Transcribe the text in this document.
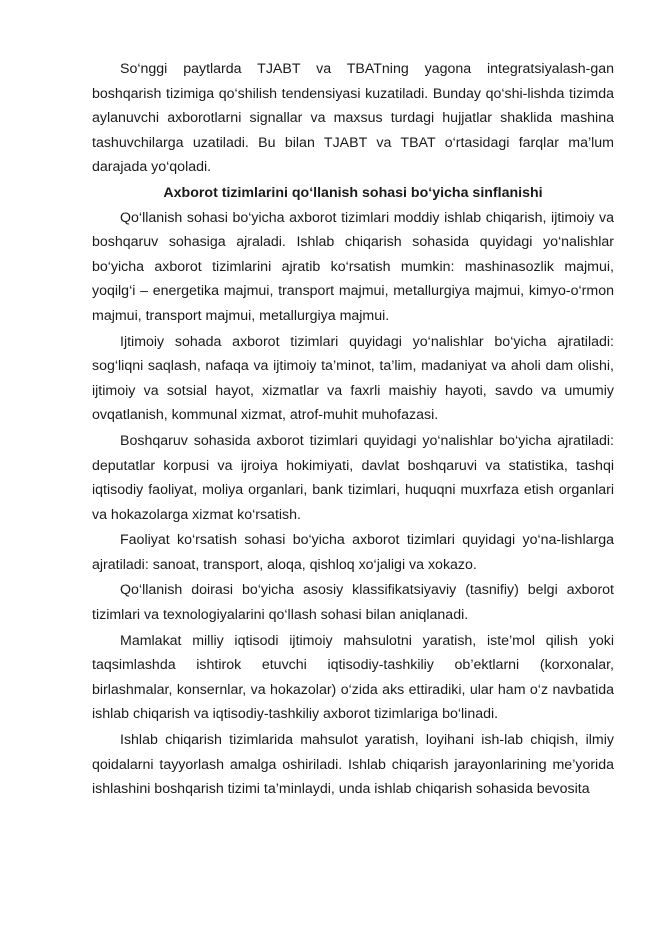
So‘nggi paytlarda TJABT va TBATning yagona integratsiyalash-gan boshqarish tizimiga qo‘shilish tendensiyasi kuzatiladi. Bunday qo‘shi-lishda tizimda aylanuvchi axborotlarni signallar va maxsus turdagi hujjatlar shaklida mashina tashuvchilarga uzatiladi. Bu bilan TJABT va TBAT o‘rtasidagi farqlar ma’lum darajada yo‘qoladi.

Axborot tizimlarini qo‘llanish sohasi bo‘yicha sinflanishi

Qo‘llanish sohasi bo‘yicha axborot tizimlari moddiy ishlab chiqarish, ijtimoiy va boshqaruv sohasiga ajraladi. Ishlab chiqarish sohasida quyidagi yo‘nalishlar bo‘yicha axborot tizimlarini ajratib ko‘rsatish mumkin: mashinasozlik majmui, yoqilg‘i – energetika majmui, transport majmui, metallurgiya majmui, kimyo-o‘rmon majmui, transport majmui, metallurgiya majmui.

Ijtimoiy sohada axborot tizimlari quyidagi yo‘nalishlar bo‘yicha ajratiladi: sog‘liqni saqlash, nafaqa va ijtimoiy ta’minot, ta’lim, madaniyat va aholi dam olishi, ijtimoiy va sotsial hayot, xizmatlar va faxrli maishiy hayoti, savdo va umumiy ovqatlanish, kommunal xizmat, atrof-muhit muhofazasi.

Boshqaruv sohasida axborot tizimlari quyidagi yo‘nalishlar bo‘yicha ajratiladi: deputatlar korpusi va ijroiya hokimiyati, davlat boshqaruvi va statistika, tashqi iqtisodiy faoliyat, moliya organlari, bank tizimlari, huquqni muxrfaza etish organlari va hokazolarga xizmat ko‘rsatish.

Faoliyat ko‘rsatish sohasi bo‘yicha axborot tizimlari quyidagi yo‘na-lishlarga ajratiladi: sanoat, transport, aloqa, qishloq xo‘jaligi va xokazo.

Qo‘llanish doirasi bo‘yicha asosiy klassifikatsiyaviy (tasnifiy) belgi axborot tizimlari va texnologiyalarini qo‘llash sohasi bilan aniqlanadi.

Mamlakat milliy iqtisodi ijtimoiy mahsulotni yaratish, iste’mol qilish yoki taqsimlashda ishtirok etuvchi iqtisodiy-tashkiliy ob’ektlarni (korxonalar, birlashmalar, konsernlar, va hokazolar) o‘zida aks ettiradiki, ular ham o‘z navbatida ishlab chiqarish va iqtisodiy-tashkiliy axborot tizimlariga bo‘linadi.

Ishlab chiqarish tizimlarida mahsulot yaratish, loyihani ish-lab chiqish, ilmiy qoidalarni tayyorlash amalga oshiriladi. Ishlab chiqarish jarayonlarining me’yorida ishlashini boshqarish tizimi ta’minlaydi, unda ishlab chiqarish sohasida bevosita
